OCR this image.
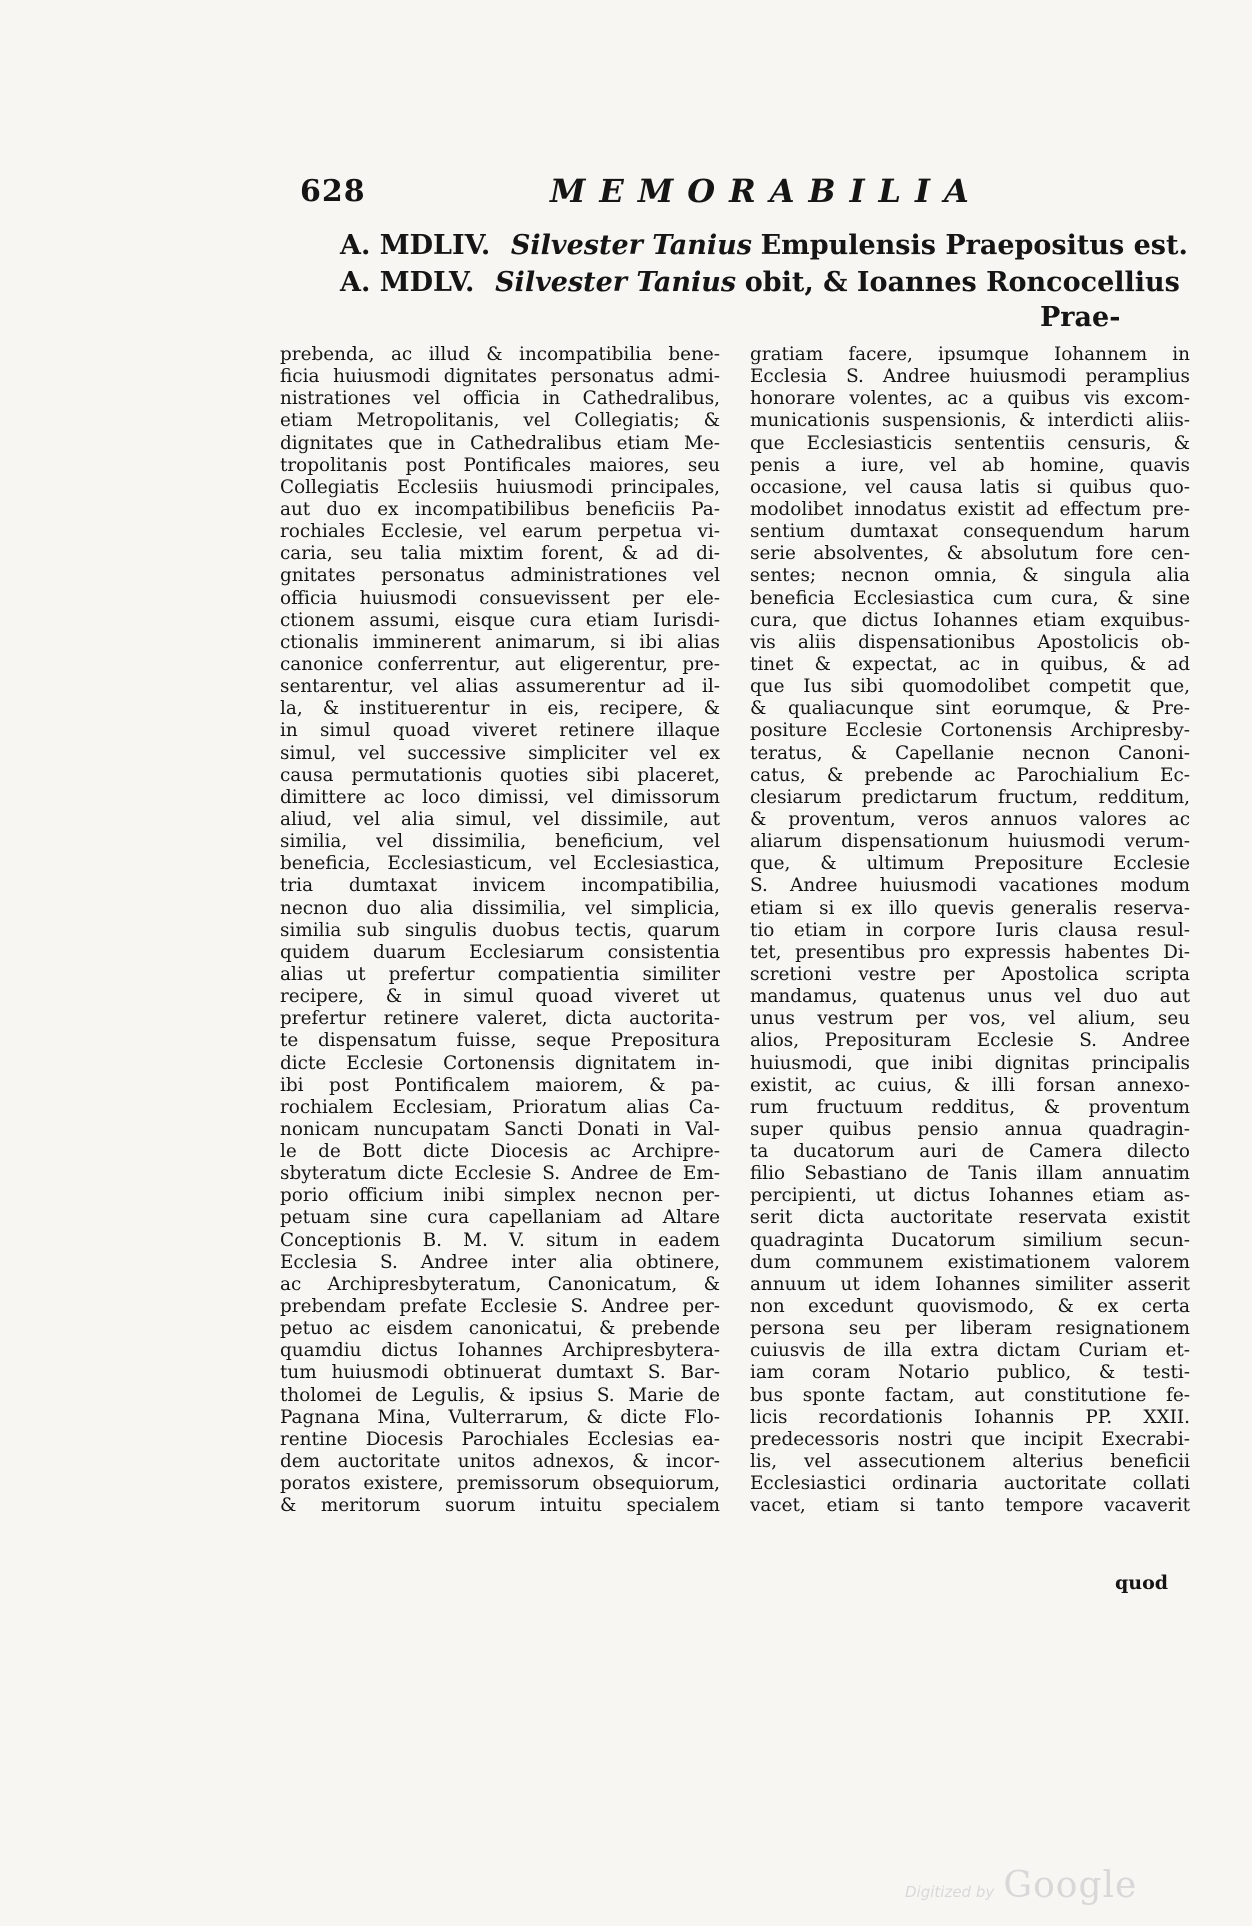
628	MEMORABILIA
A. MDLIV. Silvester Tanius Empulensis Praepositus est.
A. MDLV. Silvester Tanius obit, & Ioannes Roncocellius
Prae-
prebenda, ac illud & incompatibilia bene-
ficia huiusmodi dignitates personatus admi-
nistrationes vel officia in Cathedralibus,
etiam Metropolitanis, vel Collegiatis; &
dignitates que in Cathedralibus etiam Me-
tropolitanis post Pontificales maiores, seu
Collegiatis Ecclesiis huiusmodi principales,
aut duo ex incompatibilibus beneficiis Pa-
rochiales Ecclesie, vel earum perpetua vi-
caria, seu talia mixtim forent, & ad di-
gnitates personatus administrationes vel
officia huiusmodi consuevissent per ele-
ctionem assumi, eisque cura etiam Iurisdi-
ctionalis imminerent animarum, si ibi alias
canonice conferrentur, aut eligerentur, pre-
sentarentur, vel alias assumerentur ad il-
la, & instituerentur in eis, recipere, &
in simul quoad viveret retinere illaque
simul, vel successive simpliciter vel ex
causa permutationis quoties sibi placeret,
dimittere ac loco dimissi, vel dimissorum
aliud, vel alia simul, vel dissimile, aut
similia, vel dissimilia, beneficium, vel
beneficia, Ecclesiasticum, vel Ecclesiastica,
tria dumtaxat invicem incompatibilia,
necnon duo alia dissimilia, vel simplicia,
similia sub singulis duobus tectis, quarum
quidem duarum Ecclesiarum consistentia
alias ut prefertur compatientia similiter
recipere, & in simul quoad viveret ut
prefertur retinere valeret, dicta auctorita-
te dispensatum fuisse, seque Prepositura
dicte Ecclesie Cortonensis dignitatem in-
ibi post Pontificalem maiorem, & pa-
rochialem Ecclesiam, Prioratum alias Ca-
nonicam nuncupatam Sancti Donati in Val-
le de Bott dicte Diocesis ac Archipre-
sbyteratum dicte Ecclesie S. Andree de Em-
porio officium inibi simplex necnon per-
petuam sine cura capellaniam ad Altare
Conceptionis B. M. V. situm in eadem
Ecclesia S. Andree inter alia obtinere,
ac Archipresbyteratum, Canonicatum, &
prebendam prefate Ecclesie S. Andree per-
petuo ac eisdem canonicatui, & prebende
quamdiu dictus Iohannes Archipresbytera-
tum huiusmodi obtinuerat dumtaxt S. Bar-
tholomei de Legulis, & ipsius S. Marie de
Pagnana Mina, Vulterrarum, & dicte Flo-
rentine Diocesis Parochiales Ecclesias ea-
dem auctoritate unitos adnexos, & incor-
poratos existere, premissorum obsequiorum,
& meritorum suorum intuitu specialem
gratiam facere, ipsumque Iohannem in
Ecclesia S. Andree huiusmodi peramplius
honorare volentes, ac a quibus vis excom-
municationis suspensionis, & interdicti aliis-
que Ecclesiasticis sententiis censuris, &
penis a iure, vel ab homine, quavis
occasione, vel causa latis si quibus quo-
modolibet innodatus existit ad effectum pre-
sentium dumtaxat consequendum harum
serie absolventes, & absolutum fore cen-
sentes; necnon omnia, & singula alia
beneficia Ecclesiastica cum cura, & sine
cura, que dictus Iohannes etiam exquibus-
vis aliis dispensationibus Apostolicis ob-
tinet & expectat, ac in quibus, & ad
que Ius sibi quomodolibet competit que,
& qualiacunque sint eorumque, & Pre-
positure Ecclesie Cortonensis Archipresby-
teratus, & Capellanie necnon Canoni-
catus, & prebende ac Parochialium Ec-
clesiarum predictarum fructum, redditum,
& proventum, veros annuos valores ac
aliarum dispensationum huiusmodi verum-
que, & ultimum Prepositure Ecclesie
S. Andree huiusmodi vacationes modum
etiam si ex illo quevis generalis reserva-
tio etiam in corpore Iuris clausa resul-
tet, presentibus pro expressis habentes Di-
scretioni vestre per Apostolica scripta
mandamus, quatenus unus vel duo aut
unus vestrum per vos, vel alium, seu
alios, Preposituram Ecclesie S. Andree
huiusmodi, que inibi dignitas principalis
existit, ac cuius, & illi forsan annexo-
rum fructuum redditus, & proventum
super quibus pensio annua quadragin-
ta ducatorum auri de Camera dilecto
filio Sebastiano de Tanis illam annuatim
percipienti, ut dictus Iohannes etiam as-
serit dicta auctoritate reservata existit
quadraginta Ducatorum similium secun-
dum communem existimationem valorem
annuum ut idem Iohannes similiter asserit
non excedunt quovismodo, & ex certa
persona seu per liberam resignationem
cuiusvis de illa extra dictam Curiam et-
iam coram Notario publico, & testi-
bus sponte factam, aut constitutione fe-
licis recordationis Iohannis PP. XXII.
predecessoris nostri que incipit Execrabi-
lis, vel assecutionem alterius beneficii
Ecclesiastici ordinaria auctoritate collati
vacet, etiam si tanto tempore vacaverit
quod
Digitized by Google
